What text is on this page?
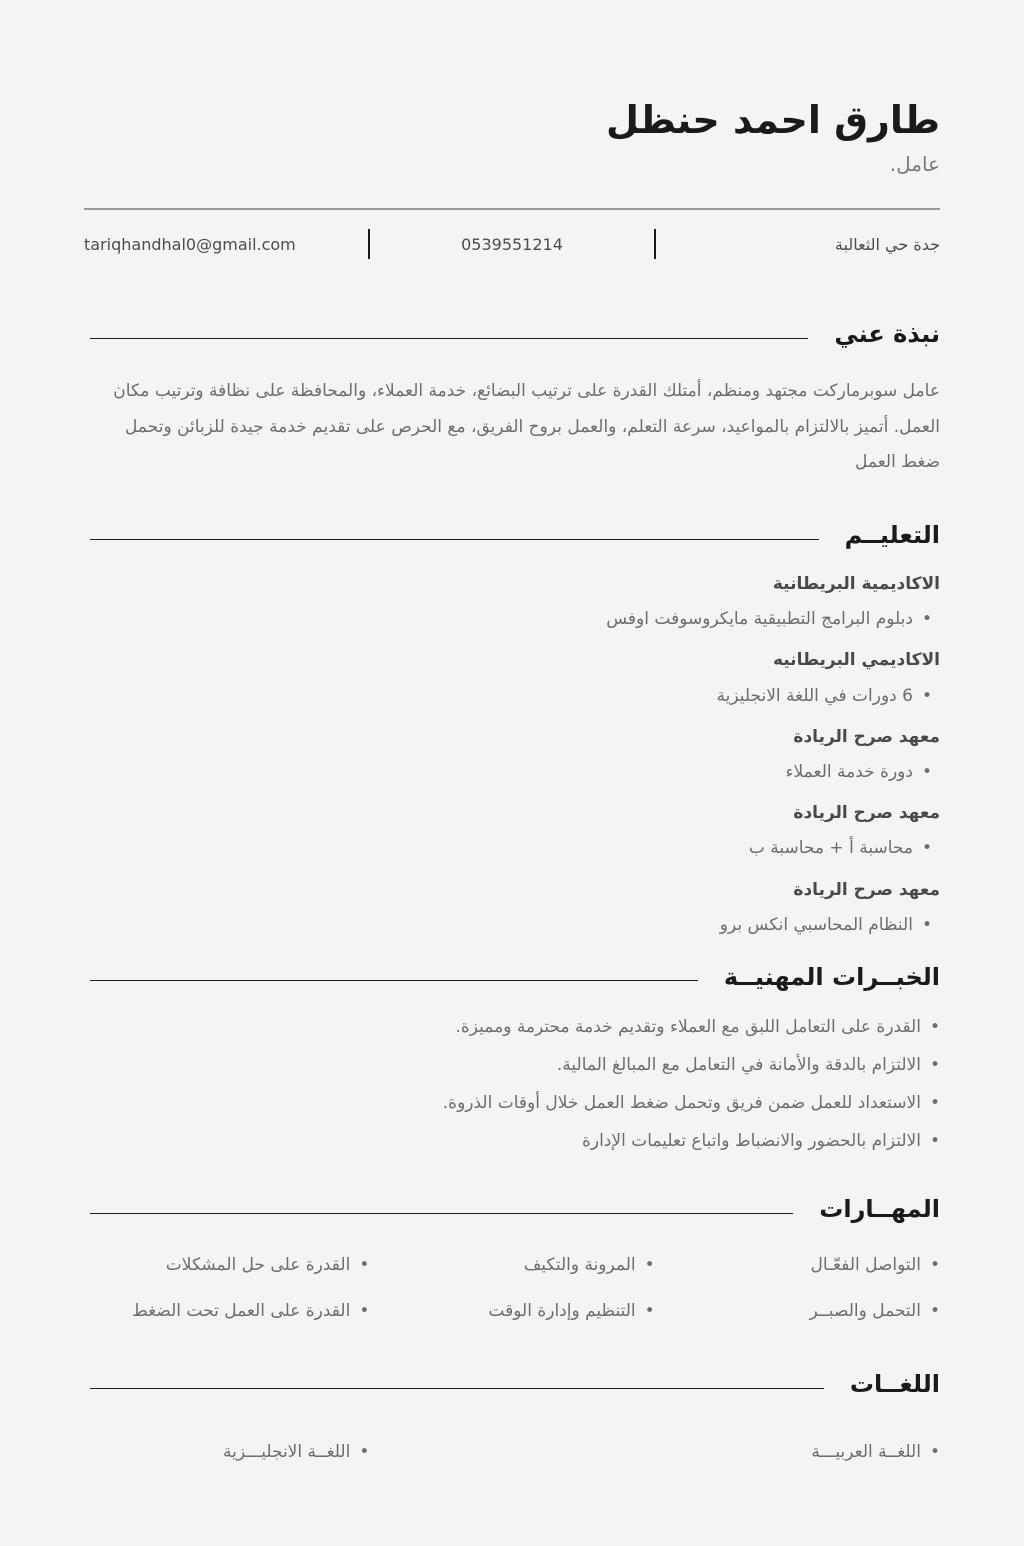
طارق احمد حنظل
عامل.
جدة حي الثعالبة
0539551214
tariqhandhal0@gmail.com
نبذة عني

عامل سوبرماركت مجتهد ومنظم، أمتلك القدرة على ترتيب البضائع، خدمة العملاء، والمحافظة على نظافة وترتيب مكان العمل. أتميز بالالتزام بالمواعيد، سرعة التعلم، والعمل بروح الفريق، مع الحرص على تقديم خدمة جيدة للزبائن وتحمل ضغط العمل

التعليــم
الاكاديمية البريطانية
• دبلوم البرامج التطبيقية مايكروسوفت اوفس
الاكاديمي البريطانيه
• 6 دورات في اللغة الانجليزية
معهد صرح الريادة
• دورة خدمة العملاء
معهد صرح الريادة
• محاسبة أ + محاسبة ب
معهد صرح الريادة
• النظام المحاسبي انكس برو
الخبــرات المهنيــة
• القدرة على التعامل اللبق مع العملاء وتقديم خدمة محترمة ومميزة.
• الالتزام بالدقة والأمانة في التعامل مع المبالغ المالية.
• الاستعداد للعمل ضمن فريق وتحمل ضغط العمل خلال أوقات الذروة.
• الالتزام بالحضور والانضباط واتباع تعليمات الإدارة
المهــارات
• التواصل الفعّـال
• المرونة والتكيف
• القدرة على حل المشكلات
• التحمل والصبــر
• التنظيم وإدارة الوقت
• القدرة على العمل تحت الضغط
اللغــات
• اللغــة العربيـــة
• اللغــة الانجليـــزية
